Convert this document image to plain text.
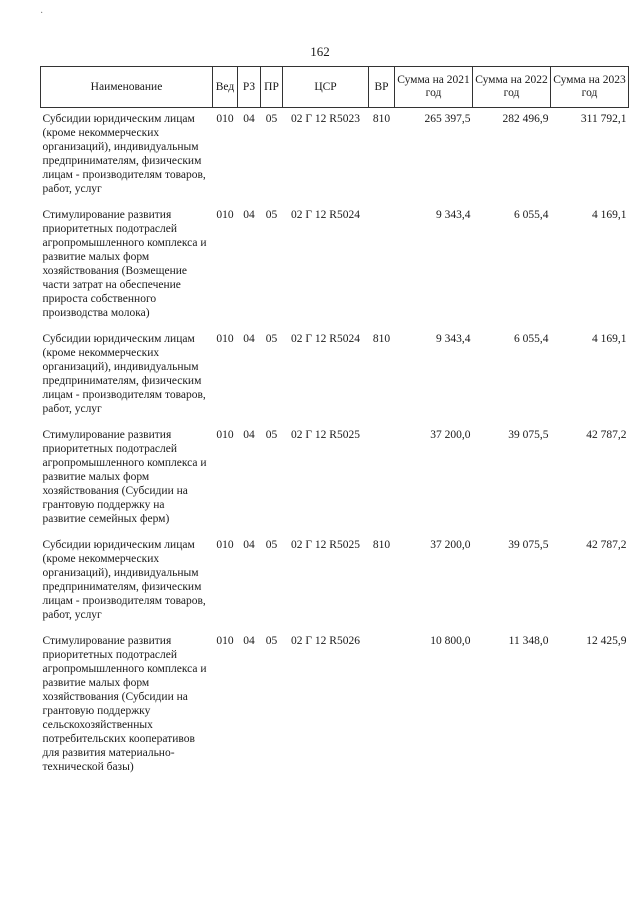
·
162
Наименование	Вед	РЗ	ПР	ЦСР	ВР	Сумма на 2021 год	Сумма на 2022 год	Сумма на 2023 год
Субсидии юридическим лицам (кроме некоммерческих организаций), индивидуальным предпринимателям, физическим лицам - производителям товаров, работ, услуг	010	04	05	02 Г 12 R5023	810	265 397,5	282 496,9	311 792,1
Стимулирование развития приоритетных подотраслей агропромышленного комплекса и развитие малых форм хозяйствования (Возмещение части затрат на обеспечение прироста собственного производства молока)	010	04	05	02 Г 12 R5024		9 343,4	6 055,4	4 169,1
Субсидии юридическим лицам (кроме некоммерческих организаций), индивидуальным предпринимателям, физическим лицам - производителям товаров, работ, услуг	010	04	05	02 Г 12 R5024	810	9 343,4	6 055,4	4 169,1
Стимулирование развития приоритетных подотраслей агропромышленного комплекса и развитие малых форм хозяйствования (Субсидии на грантовую поддержку на развитие семейных ферм)	010	04	05	02 Г 12 R5025		37 200,0	39 075,5	42 787,2
Субсидии юридическим лицам (кроме некоммерческих организаций), индивидуальным предпринимателям, физическим лицам - производителям товаров, работ, услуг	010	04	05	02 Г 12 R5025	810	37 200,0	39 075,5	42 787,2
Стимулирование развития приоритетных подотраслей агропромышленного комплекса и развитие малых форм хозяйствования (Субсидии на грантовую поддержку сельскохозяйственных потребительских кооперативов для развития материально-технической базы)	010	04	05	02 Г 12 R5026		10 800,0	11 348,0	12 425,9
